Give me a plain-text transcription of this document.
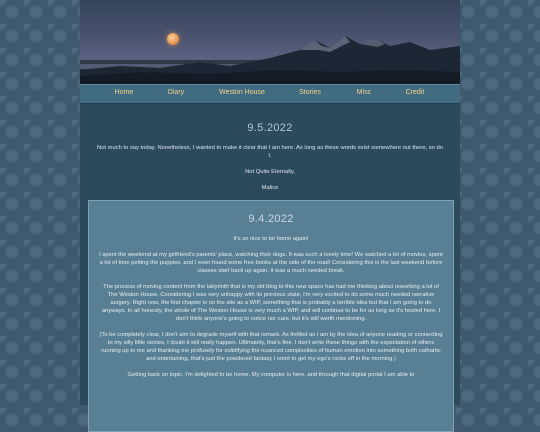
Home	Diary	Weston House	Stories	Misc	Credit
9.5.2022
Not much to say today. Nonetheless, I wanted to make it clear that I am here. As long as these words exist somewhere out there, so do I.
Not Quite Eternally,
Malice
9.4.2022
It's so nice to be home again!
I spent the weekend at my girlfriend's parents' place, watching their dogs. It was such a lovely time! We watched a lot of movies, spent a lot of time petting the puppies, and I even found some free books at the side of the road! Considering this is the last weekend before classes start back up again, it was a much needed break.
The process of moving content from the labyrinth that is my old blog to this new space has had me thinking about reworking a lot of The Weston House. Considering I was very unhappy with its previous state, I'm very excited to do some much needed narrative surgery. Right now, the first chapter is on the site as a WIP, something that is probably a terrible idea but that I am going to do anyways. In all honesty, the whole of The Weston House is very much a WIP, and will continue to be for as long as it's hosted here. I don't think anyone's going to notice nor care, but it's still worth mentioning.
(To be completely clear, I don't aim to degrade myself with that remark. As thrilled as I am by the idea of anyone reading or connecting to my silly little stories, I doubt it will really happen. Ultimately, that's fine. I don't write these things with the expectation of others running up to me and thanking me profusely for solidifying the nuanced complexities of human emotion into something both cathartic and entertaining, that's just the powdered fantasy I snort to get my ego's rocks off in the morning.)
Getting back on topic, I'm delighted to be home. My computer is here, and through that digital portal I am able to
